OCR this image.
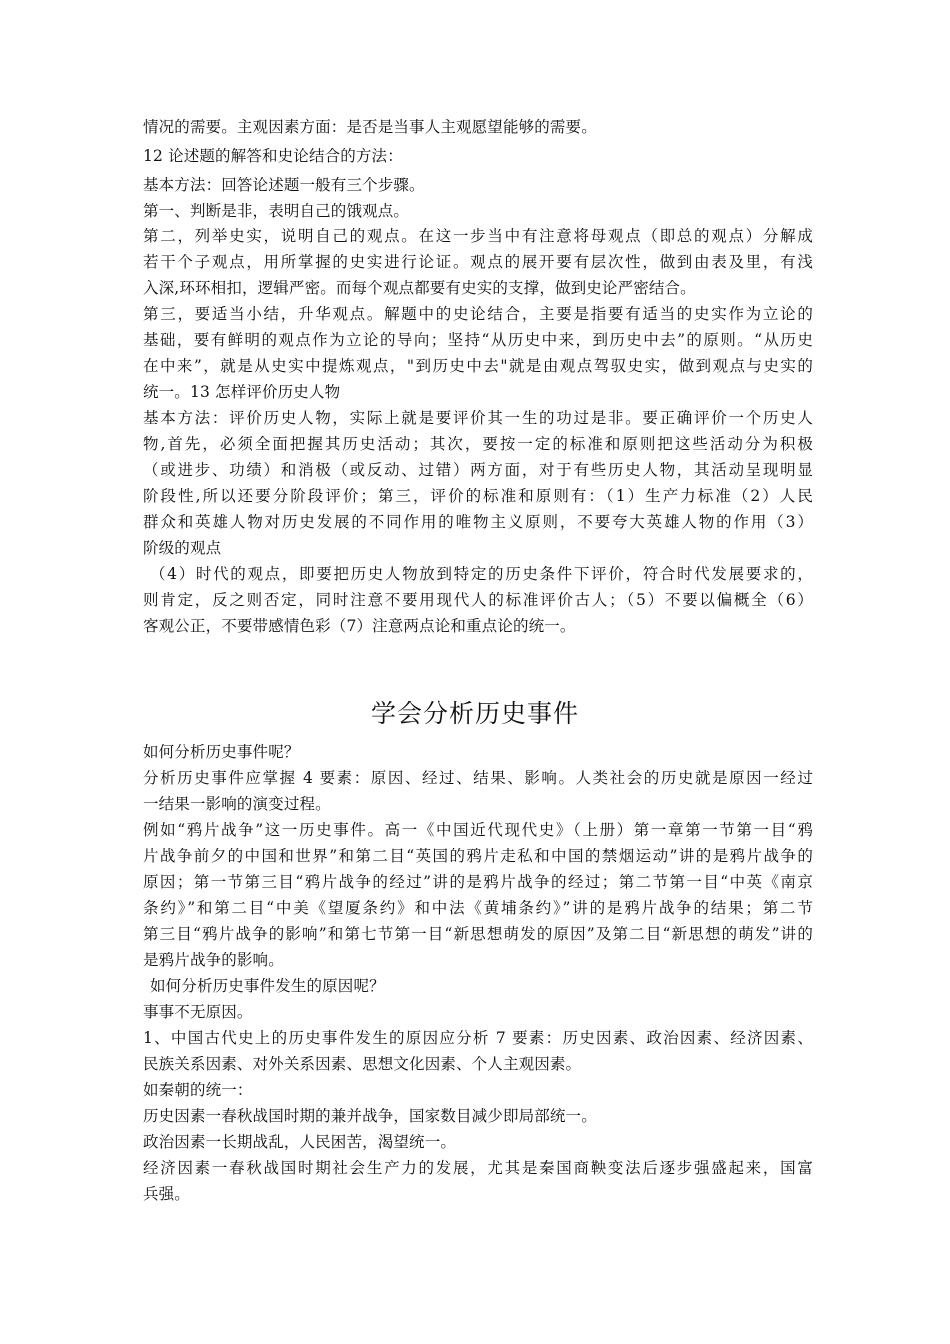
情况的需要。主观因素方面：是否是当事人主观愿望能够的需要。
12 论述题的解答和史论结合的方法：
基本方法：回答论述题一般有三个步骤。
第一、判断是非，表明自己的饿观点。
第二，列举史实，说明自己的观点。在这一步当中有注意将母观点（即总的观点）分解成
若干个子观点，用所掌握的史实进行论证。观点的展开要有层次性，做到由表及里，有浅
入深,环环相扣，逻辑严密。而每个观点都要有史实的支撑，做到史论严密结合。
第三，要适当小结，升华观点。解题中的史论结合，主要是指要有适当的史实作为立论的
基础，要有鲜明的观点作为立论的导向；坚持“从历史中来，到历史中去”的原则。“从历史
在中来”，就是从史实中提炼观点，"到历史中去"就是由观点驾驭史实，做到观点与史实的
统一。13 怎样评价历史人物
基本方法：评价历史人物，实际上就是要评价其一生的功过是非。要正确评价一个历史人
物,首先，必须全面把握其历史活动；其次，要按一定的标准和原则把这些活动分为积极
（或进步、功绩）和消极（或反动、过错）两方面，对于有些历史人物，其活动呈现明显
阶段性,所以还要分阶段评价；第三，评价的标准和原则有：（1）生产力标准（2）人民
群众和英雄人物对历史发展的不同作用的唯物主义原则，不要夸大英雄人物的作用（3）
阶级的观点
（4）时代的观点，即要把历史人物放到特定的历史条件下评价，符合时代发展要求的，
则肯定，反之则否定，同时注意不要用现代人的标准评价古人；（5）不要以偏概全（6）
客观公正，不要带感情色彩（7）注意两点论和重点论的统一。
学会分析历史事件
如何分析历史事件呢？
分析历史事件应掌握 4 要素：原因、经过、结果、影响。人类社会的历史就是原因一经过
一结果一影响的演变过程。
例如“鸦片战争”这一历史事件。高一《中国近代现代史》（上册）第一章第一节第一目“鸦
片战争前夕的中国和世界”和第二目“英国的鸦片走私和中国的禁烟运动”讲的是鸦片战争的
原因；第一节第三目“鸦片战争的经过”讲的是鸦片战争的经过；第二节第一目“中英《南京
条约》”和第二目“中美《望厦条约》和中法《黄埔条约》”讲的是鸦片战争的结果；第二节
第三目“鸦片战争的影响”和第七节第一目“新思想萌发的原因”及第二目“新思想的萌发”讲的
是鸦片战争的影响。
如何分析历史事件发生的原因呢？
事事不无原因。
1、中国古代史上的历史事件发生的原因应分析 7 要素：历史因素、政治因素、经济因素、
民族关系因素、对外关系因素、思想文化因素、个人主观因素。
如秦朝的统一：
历史因素一春秋战国时期的兼并战争，国家数目减少即局部统一。
政治因素一长期战乱，人民困苦，渴望统一。
经济因素一春秋战国时期社会生产力的发展，尤其是秦国商鞅变法后逐步强盛起来，国富
兵强。
